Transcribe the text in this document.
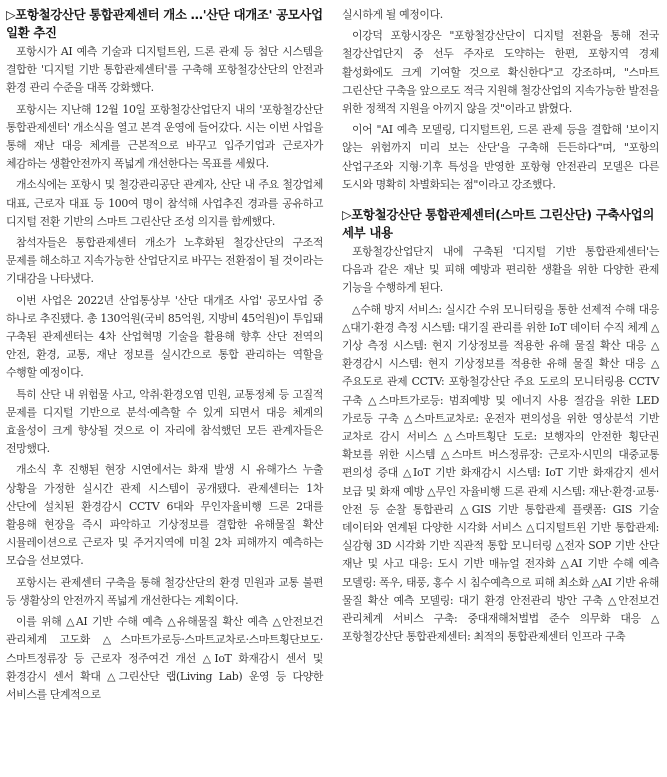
▷포항철강산단 통합관제센터 개소 …'산단 대개조' 공모사업 일환 추진

포항시가 AI 예측 기술과 디지털트윈, 드론 관제 등 첨단 시스템을 결합한 '디지털 기반 통합관제센터'를 구축해 포항철강산단의 안전과 환경 관리 수준을 대폭 강화했다.

포항시는 지난해 12월 10일 포항철강산업단지 내의 '포항철강산단 통합관제센터' 개소식을 열고 본격 운영에 들어갔다. 시는 이번 사업을 통해 재난 대응 체계를 근본적으로 바꾸고 입주기업과 근로자가 체감하는 생활안전까지 폭넓게 개선한다는 목표를 세웠다.

개소식에는 포항시 및 철강관리공단 관계자, 산단 내 주요 철강업체 대표, 근로자 대표 등 100여 명이 참석해 사업추진 경과를 공유하고 디지털 전환 기반의 스마트 그린산단 조성 의지를 함께했다.

참석자들은 통합관제센터 개소가 노후화된 철강산단의 구조적 문제를 해소하고 지속가능한 산업단지로 바꾸는 전환점이 될 것이라는 기대감을 나타냈다.

이번 사업은 2022년 산업통상부 '산단 대개조 사업' 공모사업 중 하나로 추진됐다. 총 130억원(국비 85억원, 지방비 45억원)이 투입돼 구축된 관제센터는 4차 산업혁명 기술을 활용해 향후 산단 전역의 안전, 환경, 교통, 재난 정보를 실시간으로 통합 관리하는 역할을 수행할 예정이다.

특히 산단 내 위험물 사고, 악취·환경오염 민원, 교통정체 등 고질적 문제를 디지털 기반으로 분석·예측할 수 있게 되면서 대응 체계의 효율성이 크게 향상될 것으로 이 자리에 참석했던 모든 관계자들은 전망했다.

개소식 후 진행된 현장 시연에서는 화재 발생 시 유해가스 누출 상황을 가정한 실시간 관제 시스템이 공개됐다. 관제센터는 1차 산단에 설치된 환경감시 CCTV 6대와 무인자율비행 드론 2대를 활용해 현장을 즉시 파악하고 기상정보를 결합한 유해물질 확산 시뮬레이션으로 근로자 및 주거지역에 미칠 2차 피해까지 예측하는 모습을 선보였다.

포항시는 관제센터 구축을 통해 철강산단의 환경 민원과 교통 불편 등 생활상의 안전까지 폭넓게 개선한다는 계획이다.

이를 위해 △AI 기반 수해 예측 △유해물질 확산 예측 △안전보건 관리체계 고도화 △스마트가로등·스마트교차로·스마트횡단보도·스마트정류장 등 근로자 정주여건 개선 △IoT 화재감시 센서 및 환경감시 센서 확대 △그린산단 랩(Living Lab) 운영 등 다양한 서비스를 단계적으로

실시하게 될 예정이다.

이강덕 포항시장은 "포항철강산단이 디지털 전환을 통해 전국 철강산업단지 중 선두 주자로 도약하는 한편, 포항지역 경제 활성화에도 크게 기여할 것으로 확신한다"고 강조하며, "스마트 그린산단 구축을 앞으로도 적극 지원해 철강산업의 지속가능한 발전을 위한 정책적 지원을 아끼지 않을 것"이라고 밝혔다.

이어 "AI 예측 모델링, 디지털트윈, 드론 관제 등을 결합해 '보이지 않는 위험까지 미리 보는 산단'을 구축해 든든하다"며, "포항의 산업구조와 지형·기후 특성을 반영한 포항형 안전관리 모델은 다른 도시와 명확히 차별화되는 점"이라고 강조했다.

▷포항철강산단 통합관제센터(스마트 그린산단) 구축사업의 세부 내용

포항철강산업단지 내에 구축된 '디지털 기반 통합관제센터'는 다음과 같은 재난 및 피해 예방과 편리한 생활을 위한 다양한 관제 기능을 수행하게 된다.

△수해 방지 서비스: 실시간 수위 모니터링을 통한 선제적 수해 대응 △대기·환경 측정 시스템: 대기질 관리를 위한 IoT 데이터 수직 체계 △기상 측정 시스템: 현지 기상정보를 적용한 유해 물질 확산 대응 △환경감시 시스템: 현지 기상정보를 적용한 유해 물질 확산 대응 △주요도로 관제 CCTV: 포항철강산단 주요 도로의 모니터링용 CCTV 구축 △스마트가로등: 범죄예방 및 에너지 사용 절감을 위한 LED 가로등 구축 △스마트교차로: 운전자 편의성을 위한 영상분석 기반 교차로 감시 서비스 △스마트횡단 도로: 보행자의 안전한 횡단권 확보를 위한 시스템 △스마트 버스정류장: 근로자·시민의 대중교통 편의성 증대 △IoT 기반 화재감시 시스템: IoT 기반 화재감지 센서 보급 및 화재 예방 △무인 자율비행 드론 관제 시스템: 재난·환경·교통·안전 등 순찰 통합관리 △GIS 기반 통합관제 플랫폼: GIS 기술 데이터와 연계된 다양한 시각화 서비스 △디지털트윈 기반 통합관제: 실감형 3D 시각화 기반 직관적 통합 모니터링 △전자 SOP 기반 산단 재난 및 사고 대응: 도시 기반 매뉴얼 전자화 △AI 기반 수해 예측 모델링: 폭우, 태풍, 홍수 시 침수예측으로 피해 최소화 △AI 기반 유해 물질 확산 예측 모델링: 대기 환경 안전관리 방안 구축 △안전보건 관리체계 서비스 구축: 중대재해처벌법 준수 의무화 대응 △포항철강산단 통합관제센터: 최적의 통합관제센터 인프라 구축
